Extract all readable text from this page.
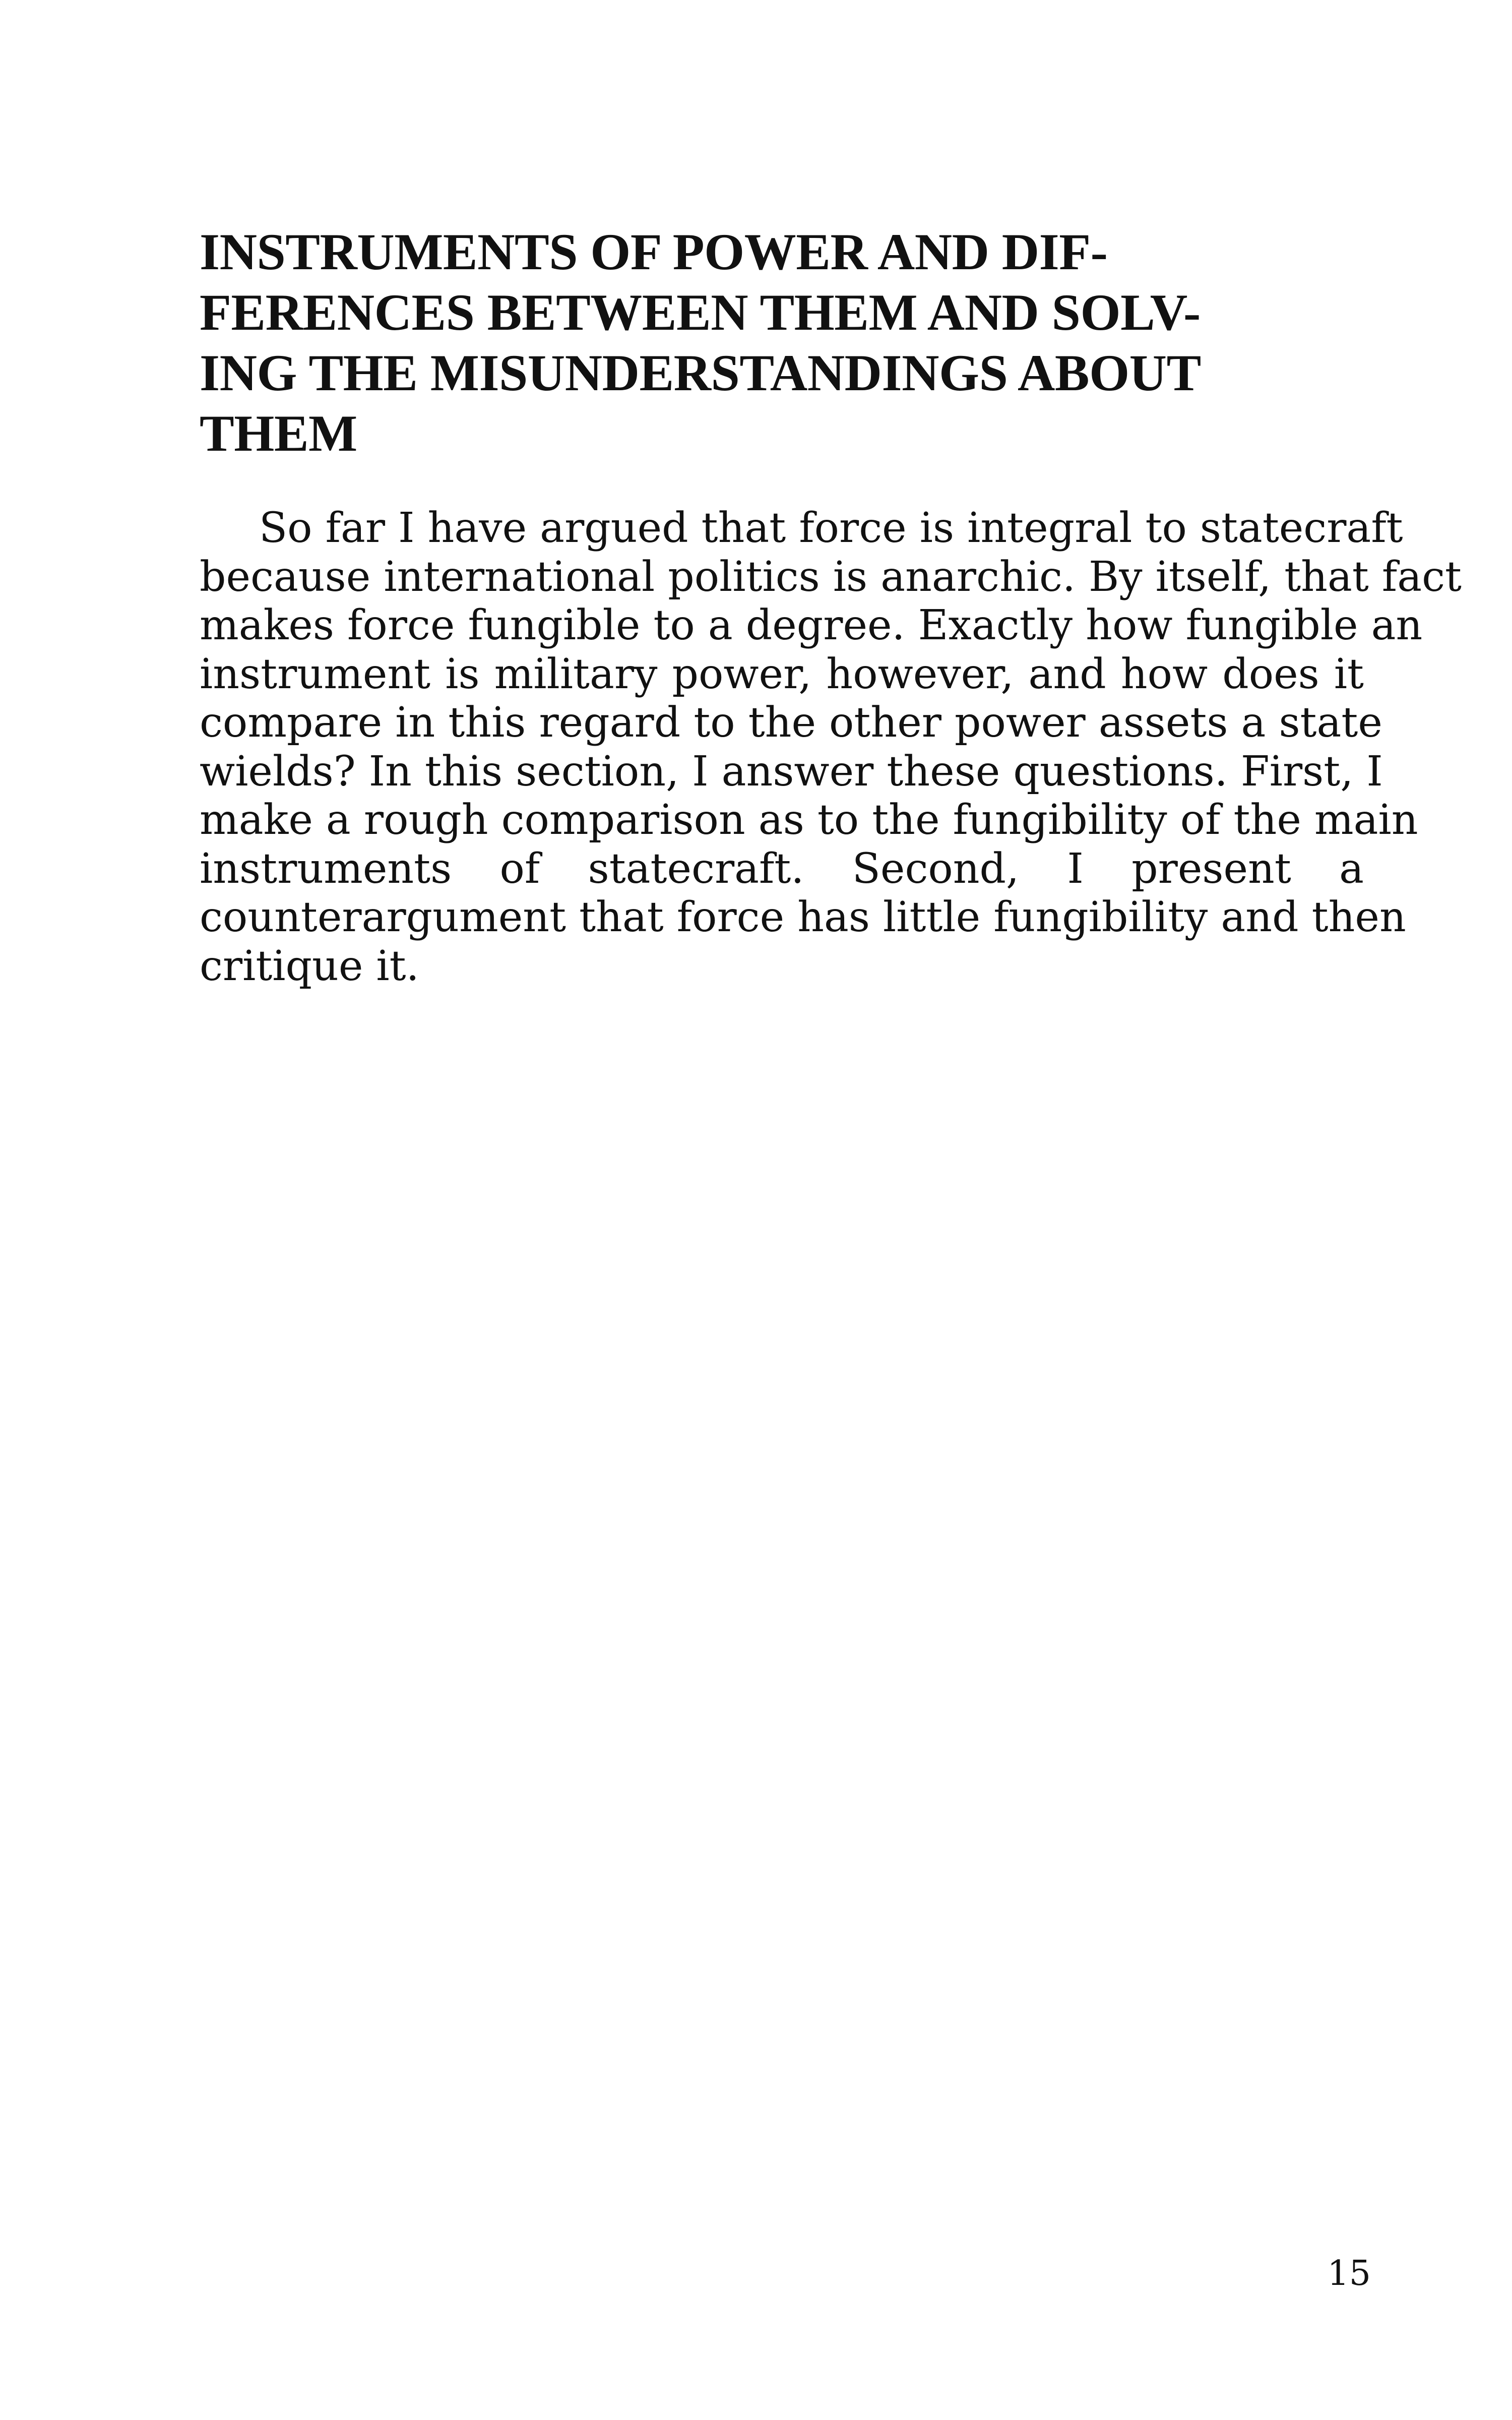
INSTRUMENTS OF POWER AND DIF-
FERENCES BETWEEN THEM AND SOLV-
ING THE MISUNDERSTANDINGS ABOUT
THEM
So far I have argued that force is integral to statecraft
because international politics is anarchic. By itself, that fact
makes force fungible to a degree. Exactly how fungible an
instrument is military power, however, and how does it
compare in this regard to the other power assets a state
wields? In this section, I answer these questions. First, I
make a rough comparison as to the fungibility of the main
instruments of statecraft. Second, I present a
counterargument that force has little fungibility and then
critique it.
15
